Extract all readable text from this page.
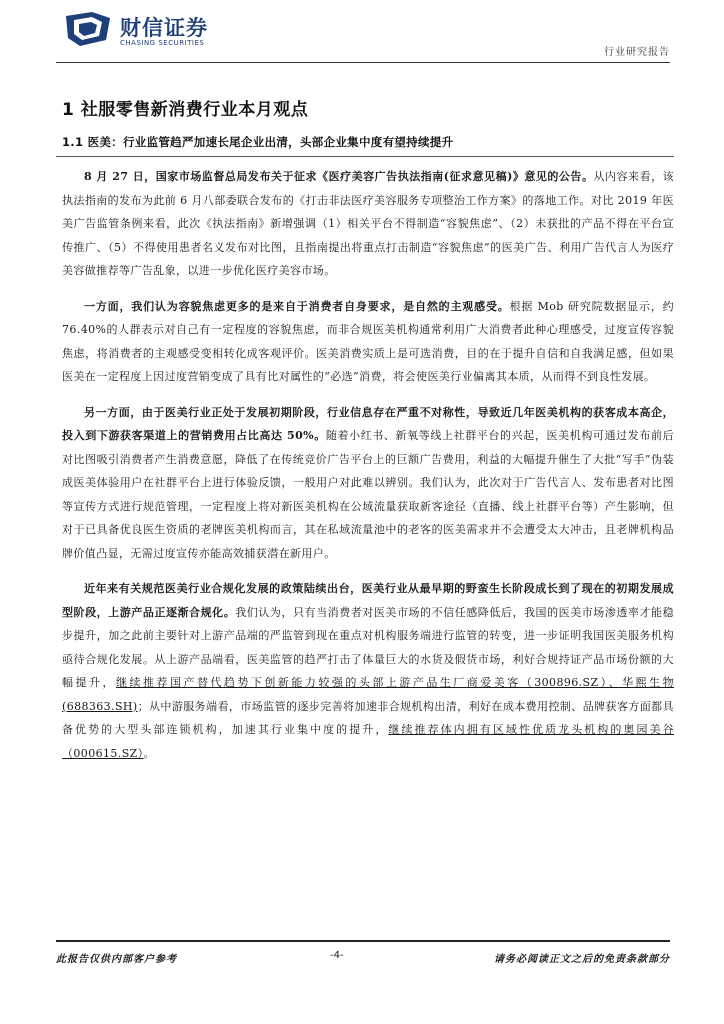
财信证券
CHASING SECURITIES
行业研究报告
1 社服零售新消费行业本月观点
1.1 医美：行业监管趋严加速长尾企业出清，头部企业集中度有望持续提升

8 月 27 日，国家市场监督总局发布关于征求《医疗美容广告执法指南(征求意见稿)》意见的公告。从内容来看，该执法指南的发布为此前 6 月八部委联合发布的《打击非法医疗美容服务专项整治工作方案》的落地工作。对比 2019 年医美广告监管条例来看，此次《执法指南》新增强调（1）相关平台不得制造“容貌焦虑”、（2）未获批的产品不得在平台宣传推广、（5）不得使用患者名义发布对比图，且指南提出将重点打击制造“容貌焦虑”的医美广告、利用广告代言人为医疗美容做推荐等广告乱象，以进一步优化医疗美容市场。

一方面，我们认为容貌焦虑更多的是来自于消费者自身要求，是自然的主观感受。根据 Mob 研究院数据显示，约 76.40%的人群表示对自己有一定程度的容貌焦虑，而非合规医美机构通常利用广大消费者此种心理感受，过度宣传容貌焦虑，将消费者的主观感受变相转化成客观评价。医美消费实质上是可选消费，目的在于提升自信和自我满足感，但如果医美在一定程度上因过度营销变成了具有比对属性的“必选”消费，将会使医美行业偏离其本质，从而得不到良性发展。

另一方面，由于医美行业正处于发展初期阶段，行业信息存在严重不对称性，导致近几年医美机构的获客成本高企，投入到下游获客渠道上的营销费用占比高达 50%。随着小红书、新氧等线上社群平台的兴起，医美机构可通过发布前后对比图吸引消费者产生消费意愿，降低了在传统竞价广告平台上的巨额广告费用，利益的大幅提升催生了大批“写手”伪装成医美体验用户在社群平台上进行体验反馈，一般用户对此难以辨别。我们认为，此次对于广告代言人、发布患者对比图等宣传方式进行规范管理，一定程度上将对新医美机构在公域流量获取新客途径（直播、线上社群平台等）产生影响，但对于已具备优良医生资质的老牌医美机构而言，其在私域流量池中的老客的医美需求并不会遭受太大冲击，且老牌机构品牌价值凸显，无需过度宣传亦能高效捕获潜在新用户。

近年来有关规范医美行业合规化发展的政策陆续出台，医美行业从最早期的野蛮生长阶段成长到了现在的初期发展成型阶段，上游产品正逐渐合规化。我们认为，只有当消费者对医美市场的不信任感降低后，我国的医美市场渗透率才能稳步提升，加之此前主要针对上游产品端的严监管到现在重点对机构服务端进行监管的转变，进一步证明我国医美服务机构亟待合规化发展。从上游产品端看，医美监管的趋严打击了体量巨大的水货及假货市场，利好合规持证产品市场份额的大幅提升，继续推荐国产替代趋势下创新能力较强的头部上游产品生厂商爱美客（300896.SZ）、华熙生物(688363.SH)；从中游服务端看，市场监管的逐步完善将加速非合规机构出清，利好在成本费用控制、品牌获客方面都具备优势的大型头部连锁机构，加速其行业集中度的提升，继续推荐体内拥有区域性优质龙头机构的奥园美谷（000615.SZ）。

此报告仅供内部客户参考	-4-	请务必阅读正文之后的免责条款部分
